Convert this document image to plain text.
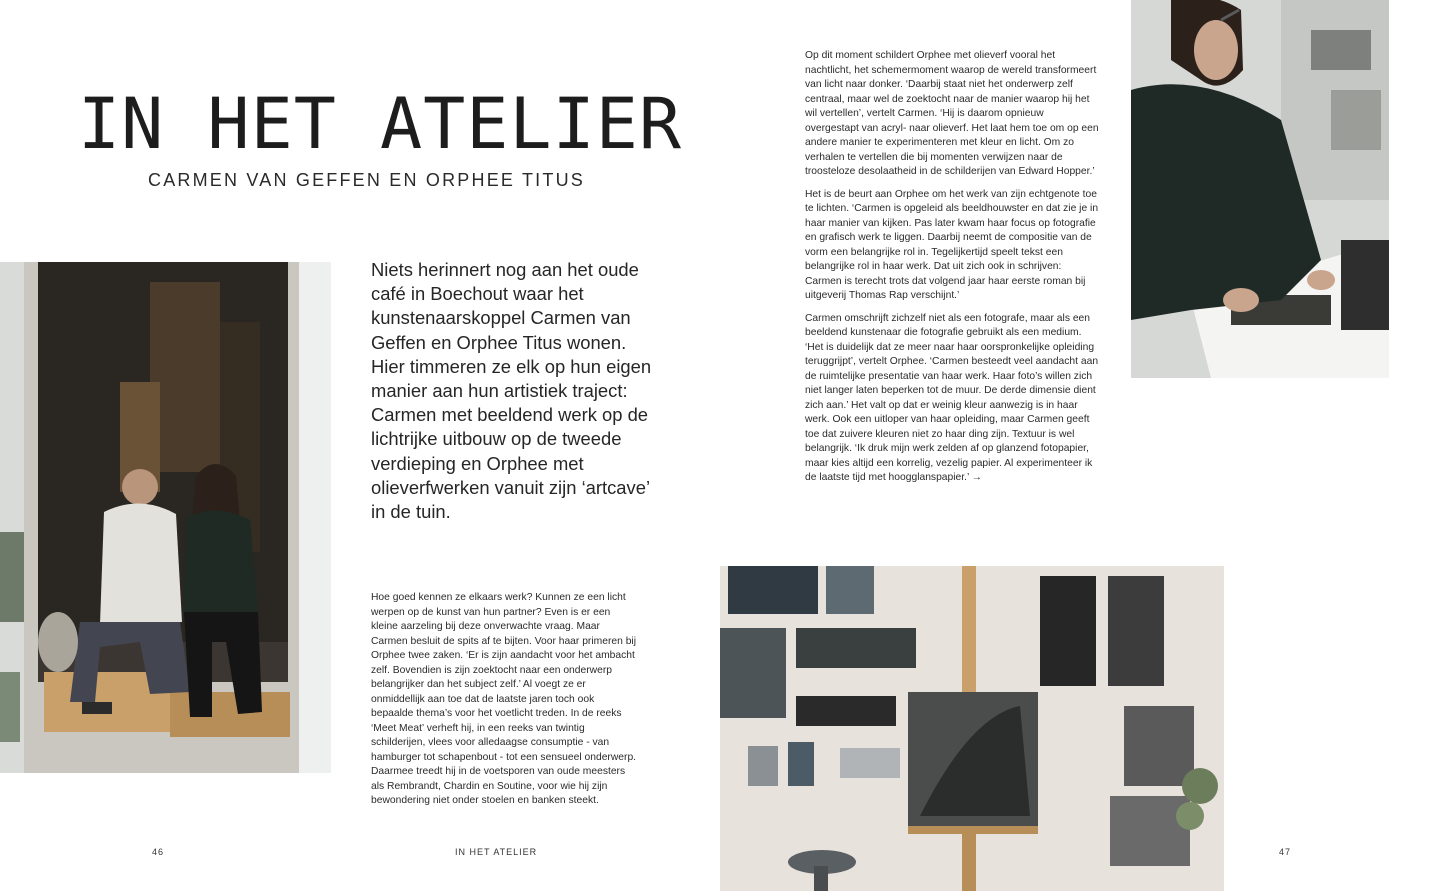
IN HET ATELIER
CARMEN VAN GEFFEN EN ORPHEE TITUS

Niets herinnert nog aan het oude café in Boechout waar het kunstenaarskoppel Carmen van Geffen en Orphee Titus wonen. Hier timmeren ze elk op hun eigen manier aan hun artistiek traject: Carmen met beeldend werk op de lichtrijke uitbouw op de tweede verdieping en Orphee met olieverfwerken vanuit zijn ‘artcave’ in de tuin.

Hoe goed kennen ze elkaars werk? Kunnen ze een licht werpen op de kunst van hun partner? Even is er een kleine aarzeling bij deze onverwachte vraag. Maar Carmen besluit de spits af te bijten. Voor haar primeren bij Orphee twee zaken. ‘Er is zijn aandacht voor het ambacht zelf. Bovendien is zijn zoektocht naar een onderwerp belangrijker dan het subject zelf.’ Al voegt ze er onmiddellijk aan toe dat de laatste jaren toch ook bepaalde thema’s voor het voetlicht treden. In de reeks ‘Meet Meat’ verheft hij, in een reeks van twintig schilderijen, vlees voor alledaagse consumptie - van hamburger tot schapenbout - tot een sensueel onderwerp. Daarmee treedt hij in de voetsporen van oude meesters als Rembrandt, Chardin en Soutine, voor wie hij zijn bewondering niet onder stoelen en banken steekt.

Op dit moment schildert Orphee met olieverf vooral het nachtlicht, het schemermoment waarop de wereld transformeert van licht naar donker. ‘Daarbij staat niet het onderwerp zelf centraal, maar wel de zoektocht naar de manier waarop hij het wil vertellen’, vertelt Carmen. ‘Hij is daarom opnieuw overgestapt van acryl- naar olieverf. Het laat hem toe om op een andere manier te experimenteren met kleur en licht. Om zo verhalen te vertellen die bij momenten verwijzen naar de troosteloze desolaatheid in de schilderijen van Edward Hopper.’

Het is de beurt aan Orphee om het werk van zijn echtgenote toe te lichten. ‘Carmen is opgeleid als beeldhouwster en dat zie je in haar manier van kijken. Pas later kwam haar focus op fotografie en grafisch werk te liggen. Daarbij neemt de compositie van de vorm een belangrijke rol in. Tegelijkertijd speelt tekst een belangrijke rol in haar werk. Dat uit zich ook in schrijven: Carmen is terecht trots dat volgend jaar haar eerste roman bij uitgeverij Thomas Rap verschijnt.’

Carmen omschrijft zichzelf niet als een fotografe, maar als een beeldend kunstenaar die fotografie gebruikt als een medium. ‘Het is duidelijk dat ze meer naar haar oorspronkelijke opleiding teruggrijpt’, vertelt Orphee. ‘Carmen besteedt veel aandacht aan de ruimtelijke presentatie van haar werk. Haar foto’s willen zich niet langer laten beperken tot de muur. De derde dimensie dient zich aan.’ Het valt op dat er weinig kleur aanwezig is in haar werk. Ook een uitloper van haar opleiding, maar Carmen geeft toe dat zuivere kleuren niet zo haar ding zijn. Textuur is wel belangrijk. ‘Ik druk mijn werk zelden af op glanzend fotopapier, maar kies altijd een korrelig, vezelig papier. Al experimenteer ik de laatste tijd met hoogglanspapier.’ →

46	IN HET ATELIER	47
